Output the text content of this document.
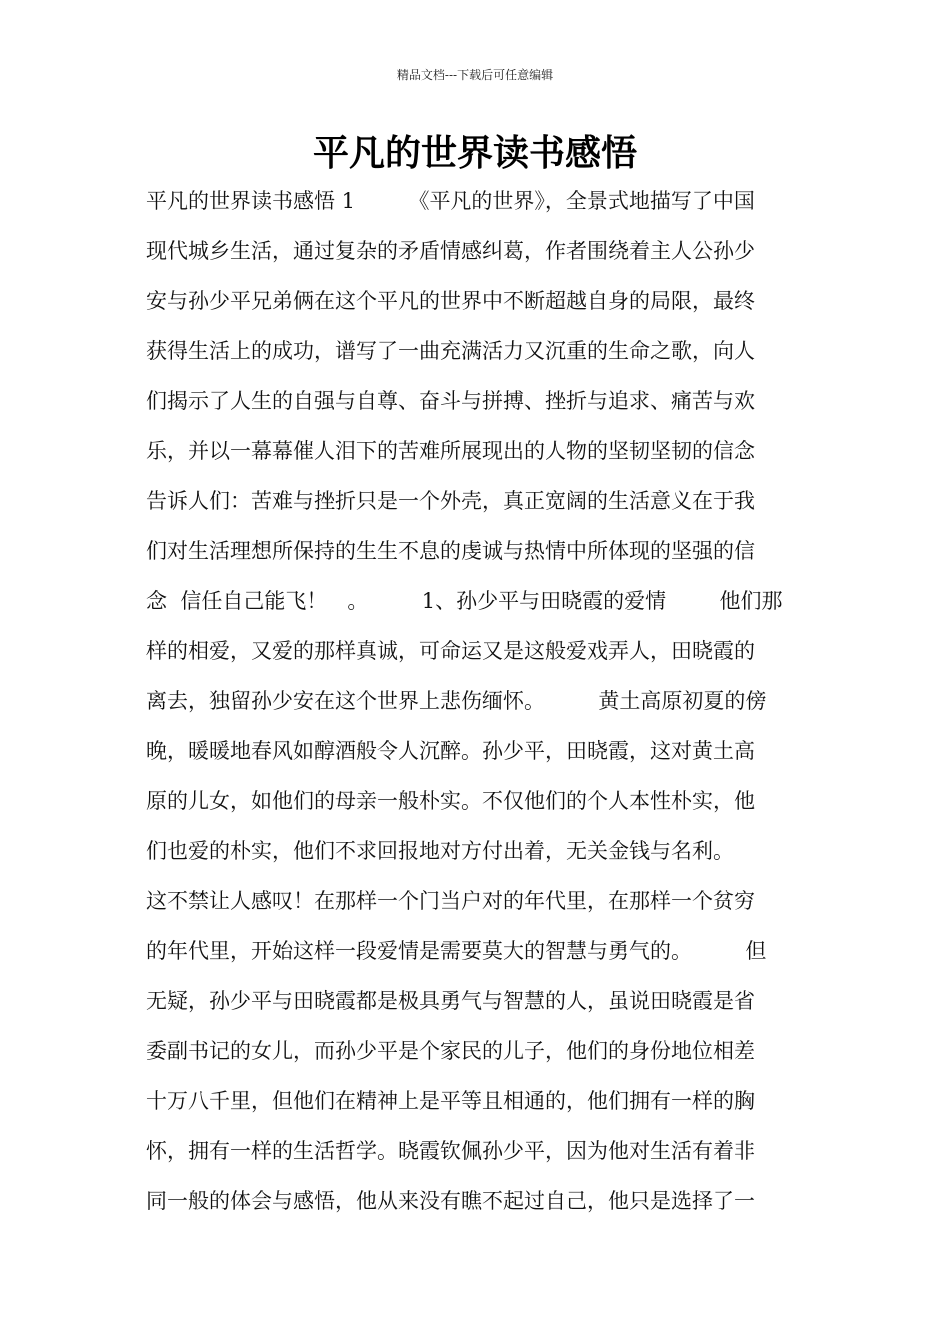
精品文档---下载后可任意编辑
平凡的世界读书感悟
平凡的世界读书感悟 1        《平凡的世界》，全景式地描写了中国
现代城乡生活，通过复杂的矛盾情感纠葛，作者围绕着主人公孙少
安与孙少平兄弟俩在这个平凡的世界中不断超越自身的局限，最终
获得生活上的成功，谱写了一曲充满活力又沉重的生命之歌，向人
们揭示了人生的自强与自尊、奋斗与拼搏、挫折与追求、痛苦与欢
乐，并以一幕幕催人泪下的苦难所展现出的人物的坚韧坚韧的信念
告诉人们：苦难与挫折只是一个外壳，真正宽阔的生活意义在于我
们对生活理想所保持的生生不息的虔诚与热情中所体现的坚强的信
念  信任自己能飞！   。        1、孙少平与田晓霞的爱情        他们那
样的相爱，又爱的那样真诚，可命运又是这般爱戏弄人，田晓霞的
离去，独留孙少安在这个世界上悲伤缅怀。        黄土高原初夏的傍
晚，暖暖地春风如醇酒般令人沉醉。孙少平，田晓霞，这对黄土高
原的儿女，如他们的母亲一般朴实。不仅他们的个人本性朴实，他
们也爱的朴实，他们不求回报地对方付出着，无关金钱与名利。
这不禁让人感叹！在那样一个门当户对的年代里，在那样一个贫穷
的年代里，开始这样一段爱情是需要莫大的智慧与勇气的。        但
无疑，孙少平与田晓霞都是极具勇气与智慧的人，虽说田晓霞是省
委副书记的女儿，而孙少平是个家民的儿子，他们的身份地位相差
十万八千里，但他们在精神上是平等且相通的，他们拥有一样的胸
怀，拥有一样的生活哲学。晓霞钦佩孙少平，因为他对生活有着非
同一般的体会与感悟，他从来没有瞧不起过自己，他只是选择了一
